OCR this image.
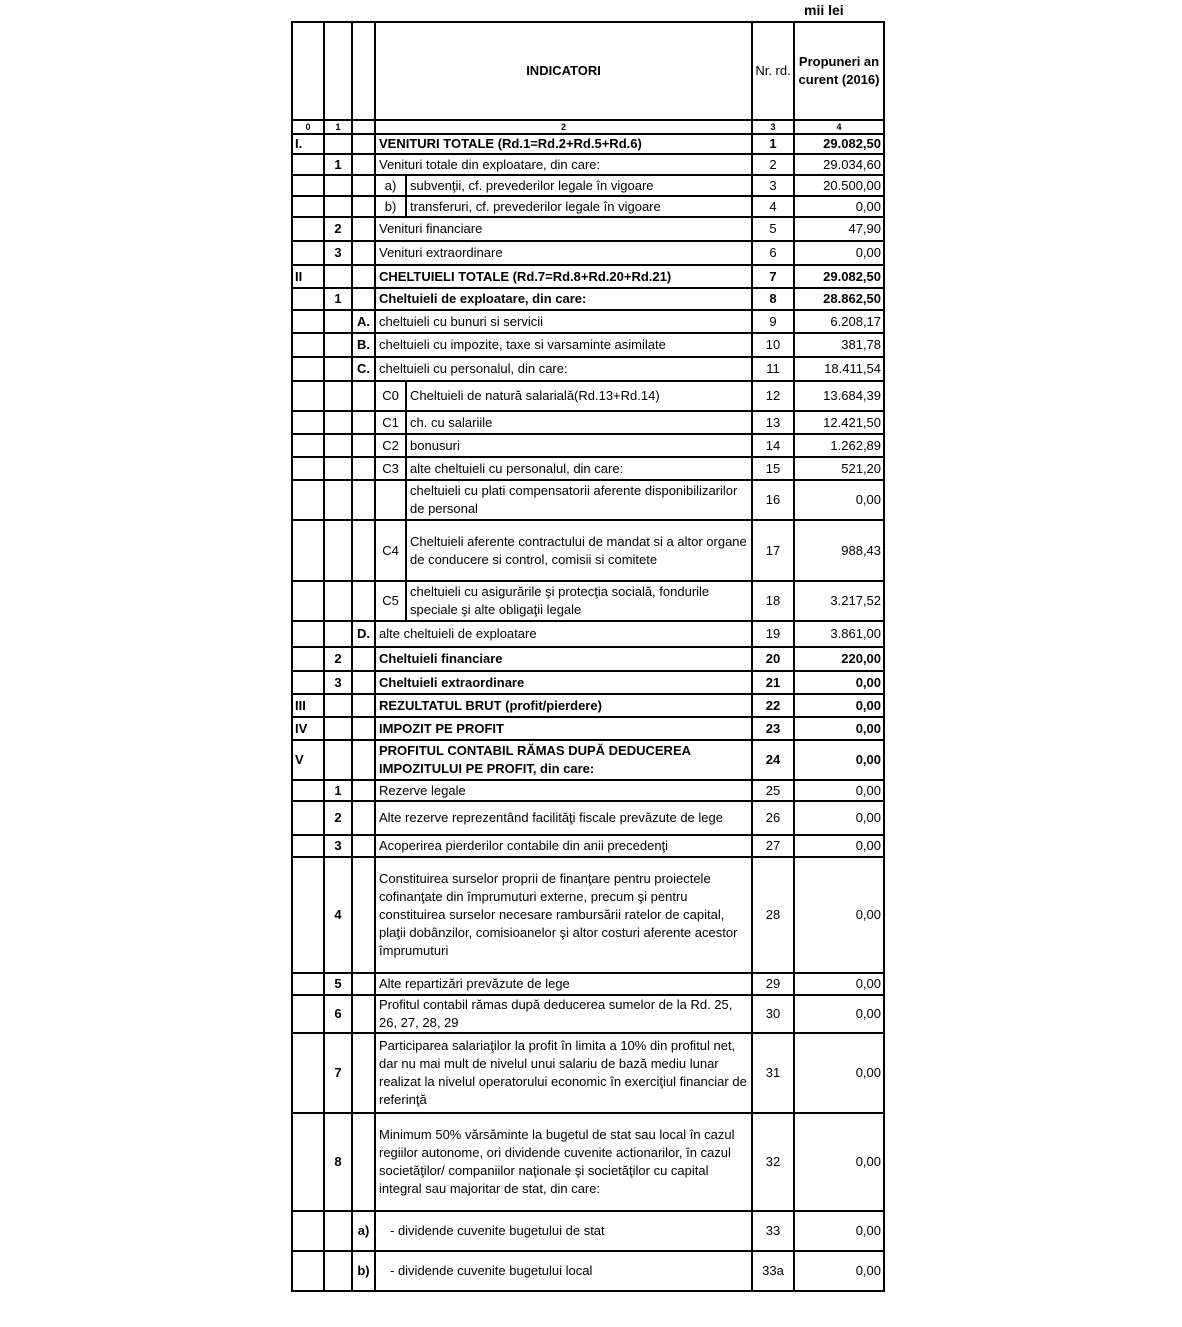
mii lei
			INDICATORI		Nr. rd.	Propuneri an curent (2016)
0	1		2		3	4
I.			VENITURI TOTALE (Rd.1=Rd.2+Rd.5+Rd.6)		1	29.082,50
	1		Venituri totale din exploatare, din care:		2	29.034,60
			a)	subvenţii, cf. prevederilor legale în vigoare	3	20.500,00
			b)	transferuri, cf. prevederilor legale în vigoare	4	0,00
	2		Venituri financiare		5	47,90
	3		Venituri extraordinare		6	0,00
II			CHELTUIELI TOTALE (Rd.7=Rd.8+Rd.20+Rd.21)		7	29.082,50
	1		Cheltuieli de exploatare, din care:		8	28.862,50
		A.	cheltuieli cu bunuri si servicii		9	6.208,17
		B.	cheltuieli cu impozite, taxe si varsaminte asimilate		10	381,78
		C.	cheltuieli cu personalul, din care:		11	18.411,54
			C0	Cheltuieli de natură salarială(Rd.13+Rd.14)	12	13.684,39
			C1	ch. cu salariile	13	12.421,50
			C2	bonusuri	14	1.262,89
			C3	alte cheltuieli cu personalul, din care:	15	521,20
				cheltuieli cu plati compensatorii aferente disponibilizarilor de personal	16	0,00
			C4	Cheltuieli aferente contractului de mandat si a altor organe de conducere si control, comisii si comitete	17	988,43
			C5	cheltuieli cu asigurările şi protecţia socială, fondurile speciale şi alte obligaţii legale	18	3.217,52
		D.	alte cheltuieli de exploatare		19	3.861,00
	2		Cheltuieli financiare		20	220,00
	3		Cheltuieli extraordinare		21	0,00
III			REZULTATUL BRUT (profit/pierdere)		22	0,00
IV			IMPOZIT PE PROFIT		23	0,00
V			PROFITUL CONTABIL RĂMAS DUPĂ DEDUCEREA IMPOZITULUI PE PROFIT, din care:		24	0,00
	1		Rezerve legale		25	0,00
	2		Alte rezerve reprezentând facilităţi fiscale prevăzute de lege		26	0,00
	3		Acoperirea pierderilor contabile din anii precedenţi		27	0,00
	4		Constituirea surselor proprii de finanţare pentru proiectele cofinanţate din împrumuturi externe, precum şi pentru constituirea surselor necesare rambursării ratelor de capital, plaţii dobânzilor, comisioanelor şi altor costuri aferente acestor împrumuturi		28	0,00
	5		Alte repartizări prevăzute de lege		29	0,00
	6		Profitul contabil rămas după deducerea sumelor de la Rd. 25, 26, 27, 28, 29		30	0,00
	7		Participarea salariaţilor la profit în limita a 10% din profitul net, dar nu mai mult de nivelul unui salariu de bază mediu lunar realizat la nivelul operatorului economic în exerciţiul financiar de referinţă		31	0,00
	8		Minimum 50% vărsăminte la bugetul de stat sau local în cazul regiilor autonome, ori dividende cuvenite actionarilor, în cazul societăţilor/ companiilor naţionale şi societăţilor cu capital integral sau majoritar de stat, din care:		32	0,00
		a)	- dividende cuvenite bugetului de stat		33	0,00
		b)	- dividende cuvenite bugetului local		33a	0,00
